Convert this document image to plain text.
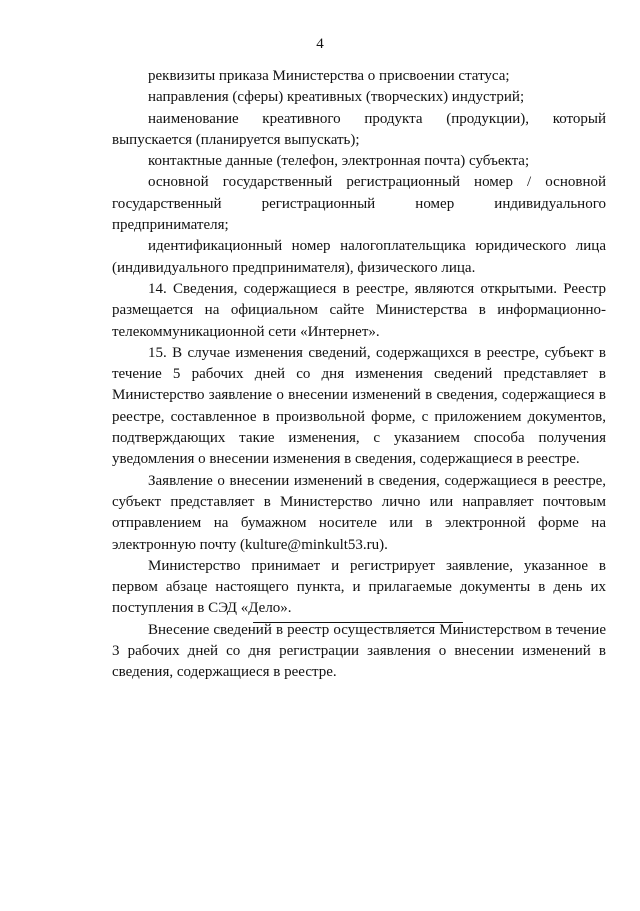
4

реквизиты приказа Министерства о присвоении статуса;

направления (сферы) креативных (творческих) индустрий;

наименование креативного продукта (продукции), который выпускается (планируется выпускать);

контактные данные (телефон, электронная почта) субъекта;

основной государственный регистрационный номер / основной государственный регистрационный номер индивидуального предпринимателя;

идентификационный номер налогоплательщика юридического лица (индивидуального предпринимателя), физического лица.

14. Сведения, содержащиеся в реестре, являются открытыми. Реестр размещается на официальном сайте Министерства в информационно-телекоммуникационной сети «Интернет».

15. В случае изменения сведений, содержащихся в реестре, субъект в течение 5 рабочих дней со дня изменения сведений представляет в Министерство заявление о внесении изменений в сведения, содержащиеся в реестре, составленное в произвольной форме, с приложением документов, подтверждающих такие изменения, с указанием способа получения уведомления о внесении изменения в сведения, содержащиеся в реестре.

Заявление о внесении изменений в сведения, содержащиеся в реестре, субъект представляет в Министерство лично или направляет почтовым отправлением на бумажном носителе или в электронной форме на электронную почту (kulture@minkult53.ru).

Министерство принимает и регистрирует заявление, указанное в первом абзаце настоящего пункта, и прилагаемые документы в день их поступления в СЭД «Дело».

Внесение сведений в реестр осуществляется Министерством в течение 3 рабочих дней со дня регистрации заявления о внесении изменений в сведения, содержащиеся в реестре.
